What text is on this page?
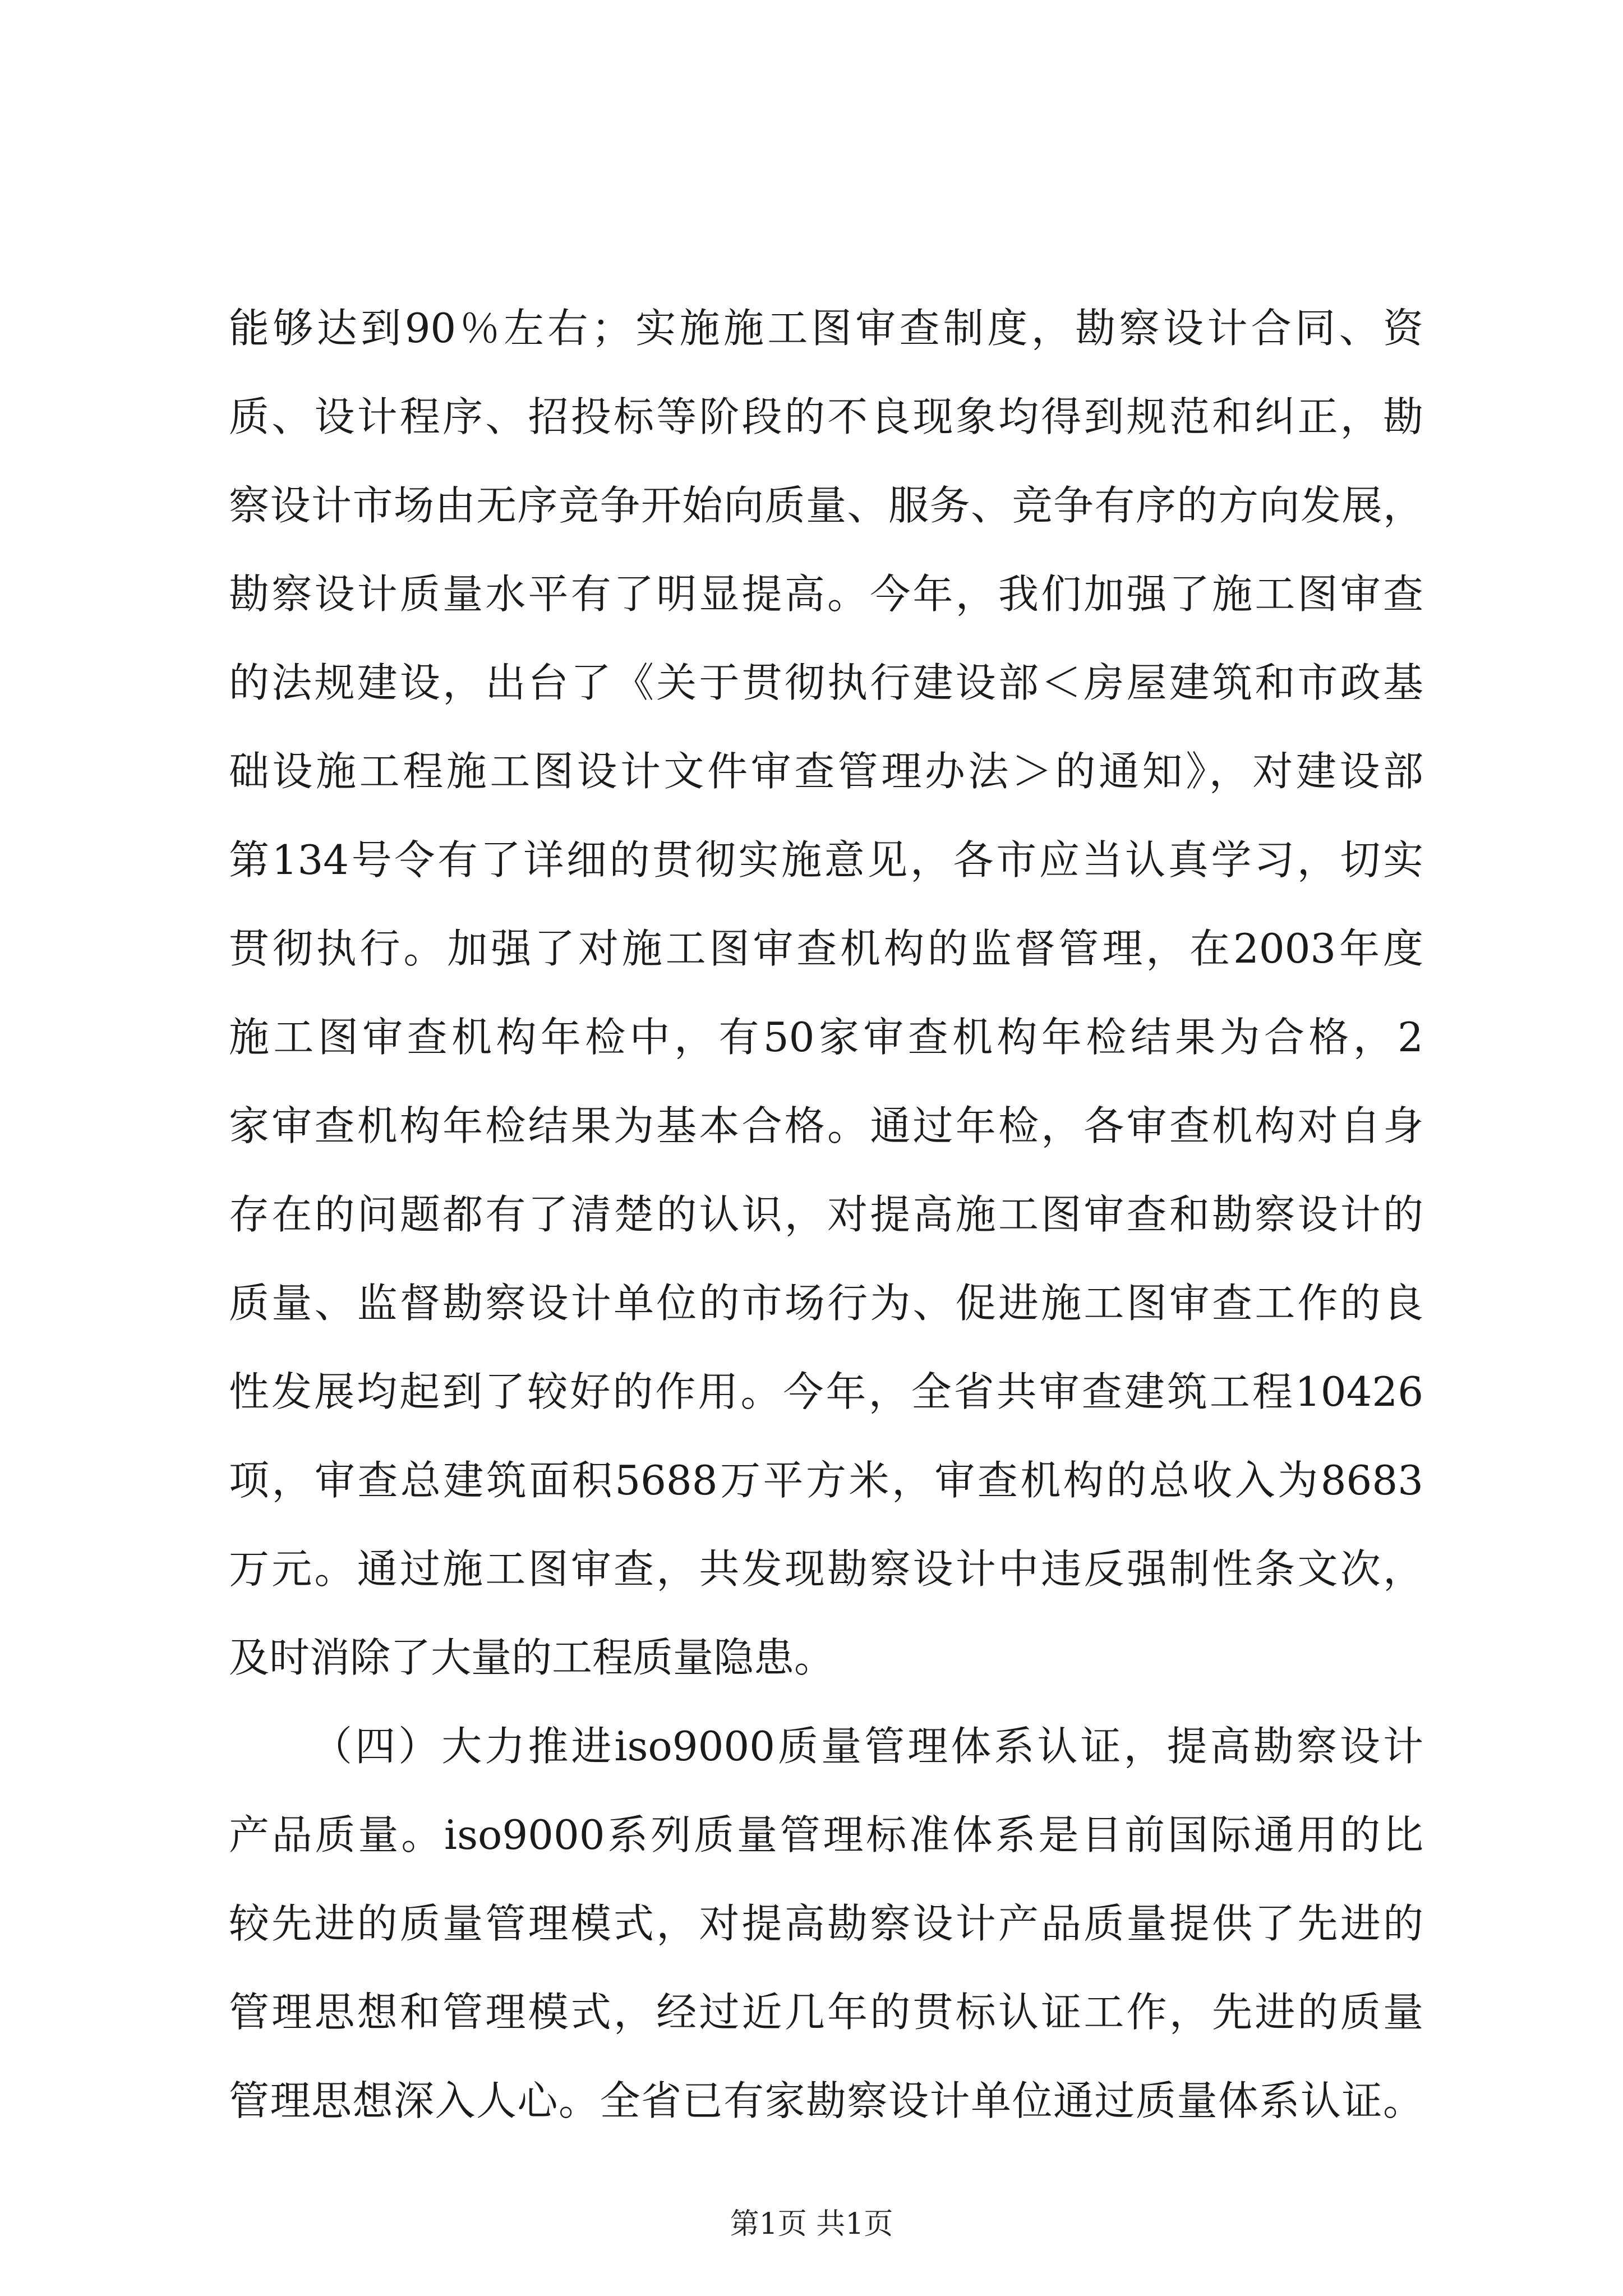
能够达到90％左右；实施施工图审查制度，勘察设计合同、资
质、设计程序、招投标等阶段的不良现象均得到规范和纠正，勘
察设计市场由无序竞争开始向质量、服务、竞争有序的方向发展，
勘察设计质量水平有了明显提高。今年，我们加强了施工图审查
的法规建设，出台了《关于贯彻执行建设部＜房屋建筑和市政基
础设施工程施工图设计文件审查管理办法＞的通知》，对建设部
第134号令有了详细的贯彻实施意见，各市应当认真学习，切实
贯彻执行。加强了对施工图审查机构的监督管理，在2003年度
施工图审查机构年检中，有50家审查机构年检结果为合格，2
家审查机构年检结果为基本合格。通过年检，各审查机构对自身
存在的问题都有了清楚的认识，对提高施工图审查和勘察设计的
质量、监督勘察设计单位的市场行为、促进施工图审查工作的良
性发展均起到了较好的作用。今年，全省共审查建筑工程10426
项，审查总建筑面积5688万平方米，审查机构的总收入为8683
万元。通过施工图审查，共发现勘察设计中违反强制性条文次，
及时消除了大量的工程质量隐患。
（四）大力推进iso9000质量管理体系认证，提高勘察设计
产品质量。iso9000系列质量管理标准体系是目前国际通用的比
较先进的质量管理模式，对提高勘察设计产品质量提供了先进的
管理思想和管理模式，经过近几年的贯标认证工作，先进的质量
管理思想深入人心。全省已有家勘察设计单位通过质量体系认证。
第1页 共1页
